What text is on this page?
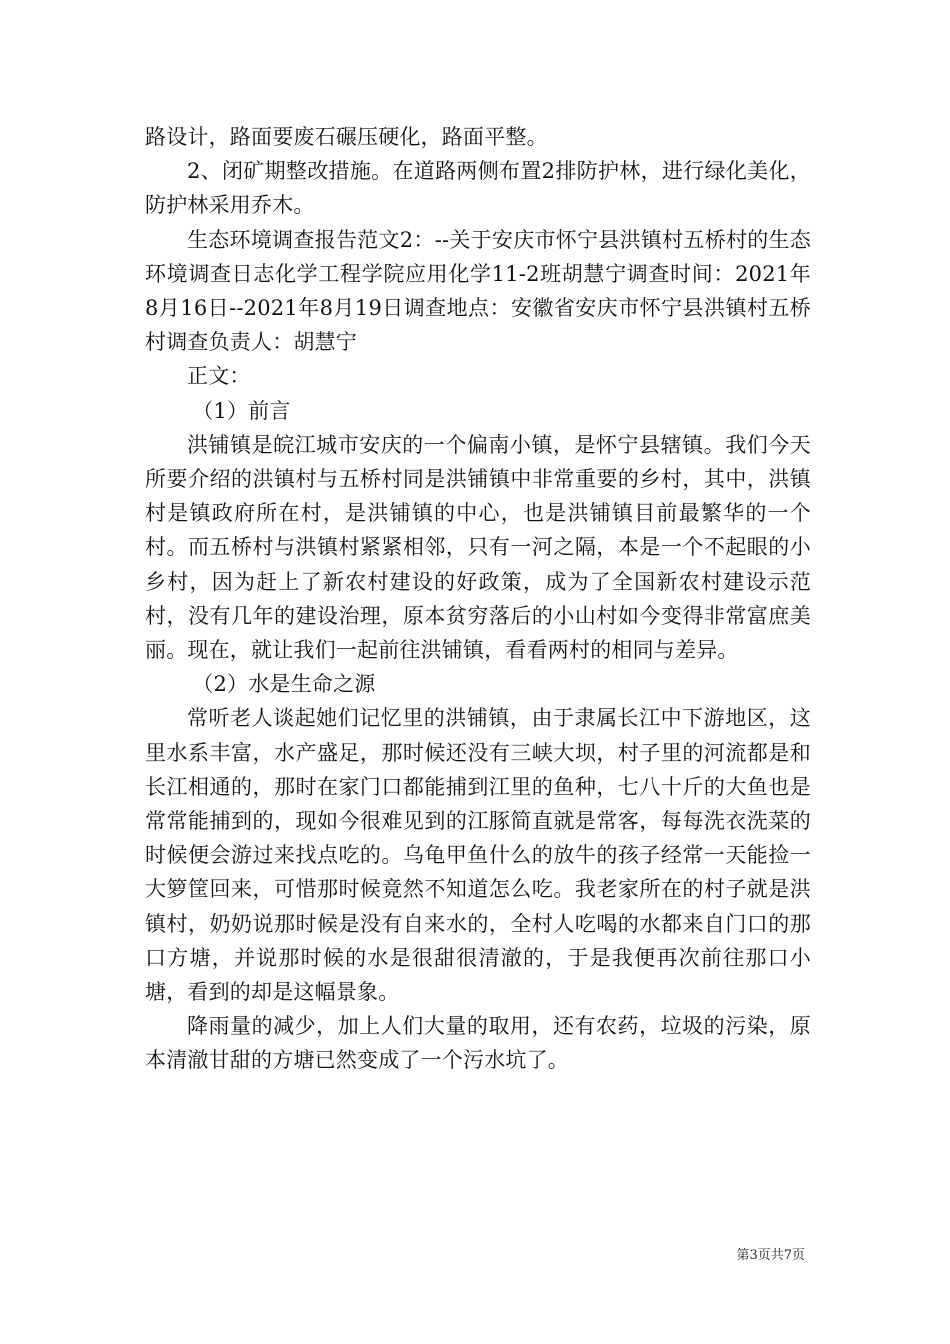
路设计，路面要废石碾压硬化，路面平整。

2、闭矿期整改措施。在道路两侧布置2排防护林，进行绿化美化，防护林采用乔木。

生态环境调查报告范文2：--关于安庆市怀宁县洪镇村五桥村的生态环境调查日志化学工程学院应用化学11-2班胡慧宁调查时间：2021年8月16日--2021年8月19日调查地点：安徽省安庆市怀宁县洪镇村五桥村调查负责人：胡慧宁

正文：

（1）前言

洪铺镇是皖江城市安庆的一个偏南小镇，是怀宁县辖镇。我们今天所要介绍的洪镇村与五桥村同是洪铺镇中非常重要的乡村，其中，洪镇村是镇政府所在村，是洪铺镇的中心，也是洪铺镇目前最繁华的一个村。而五桥村与洪镇村紧紧相邻，只有一河之隔，本是一个不起眼的小乡村，因为赶上了新农村建设的好政策，成为了全国新农村建设示范村，没有几年的建设治理，原本贫穷落后的小山村如今变得非常富庶美丽。现在，就让我们一起前往洪铺镇，看看两村的相同与差异。

（2）水是生命之源

常听老人谈起她们记忆里的洪铺镇，由于隶属长江中下游地区，这里水系丰富，水产盛足，那时候还没有三峡大坝，村子里的河流都是和长江相通的，那时在家门口都能捕到江里的鱼种，七八十斤的大鱼也是常常能捕到的，现如今很难见到的江豚简直就是常客，每每洗衣洗菜的时候便会游过来找点吃的。乌龟甲鱼什么的放牛的孩子经常一天能捡一大箩筐回来，可惜那时候竟然不知道怎么吃。我老家所在的村子就是洪镇村，奶奶说那时候是没有自来水的，全村人吃喝的水都来自门口的那口方塘，并说那时候的水是很甜很清澈的，于是我便再次前往那口小塘，看到的却是这幅景象。

降雨量的减少，加上人们大量的取用，还有农药，垃圾的污染，原本清澈甘甜的方塘已然变成了一个污水坑了。

第3页共7页
